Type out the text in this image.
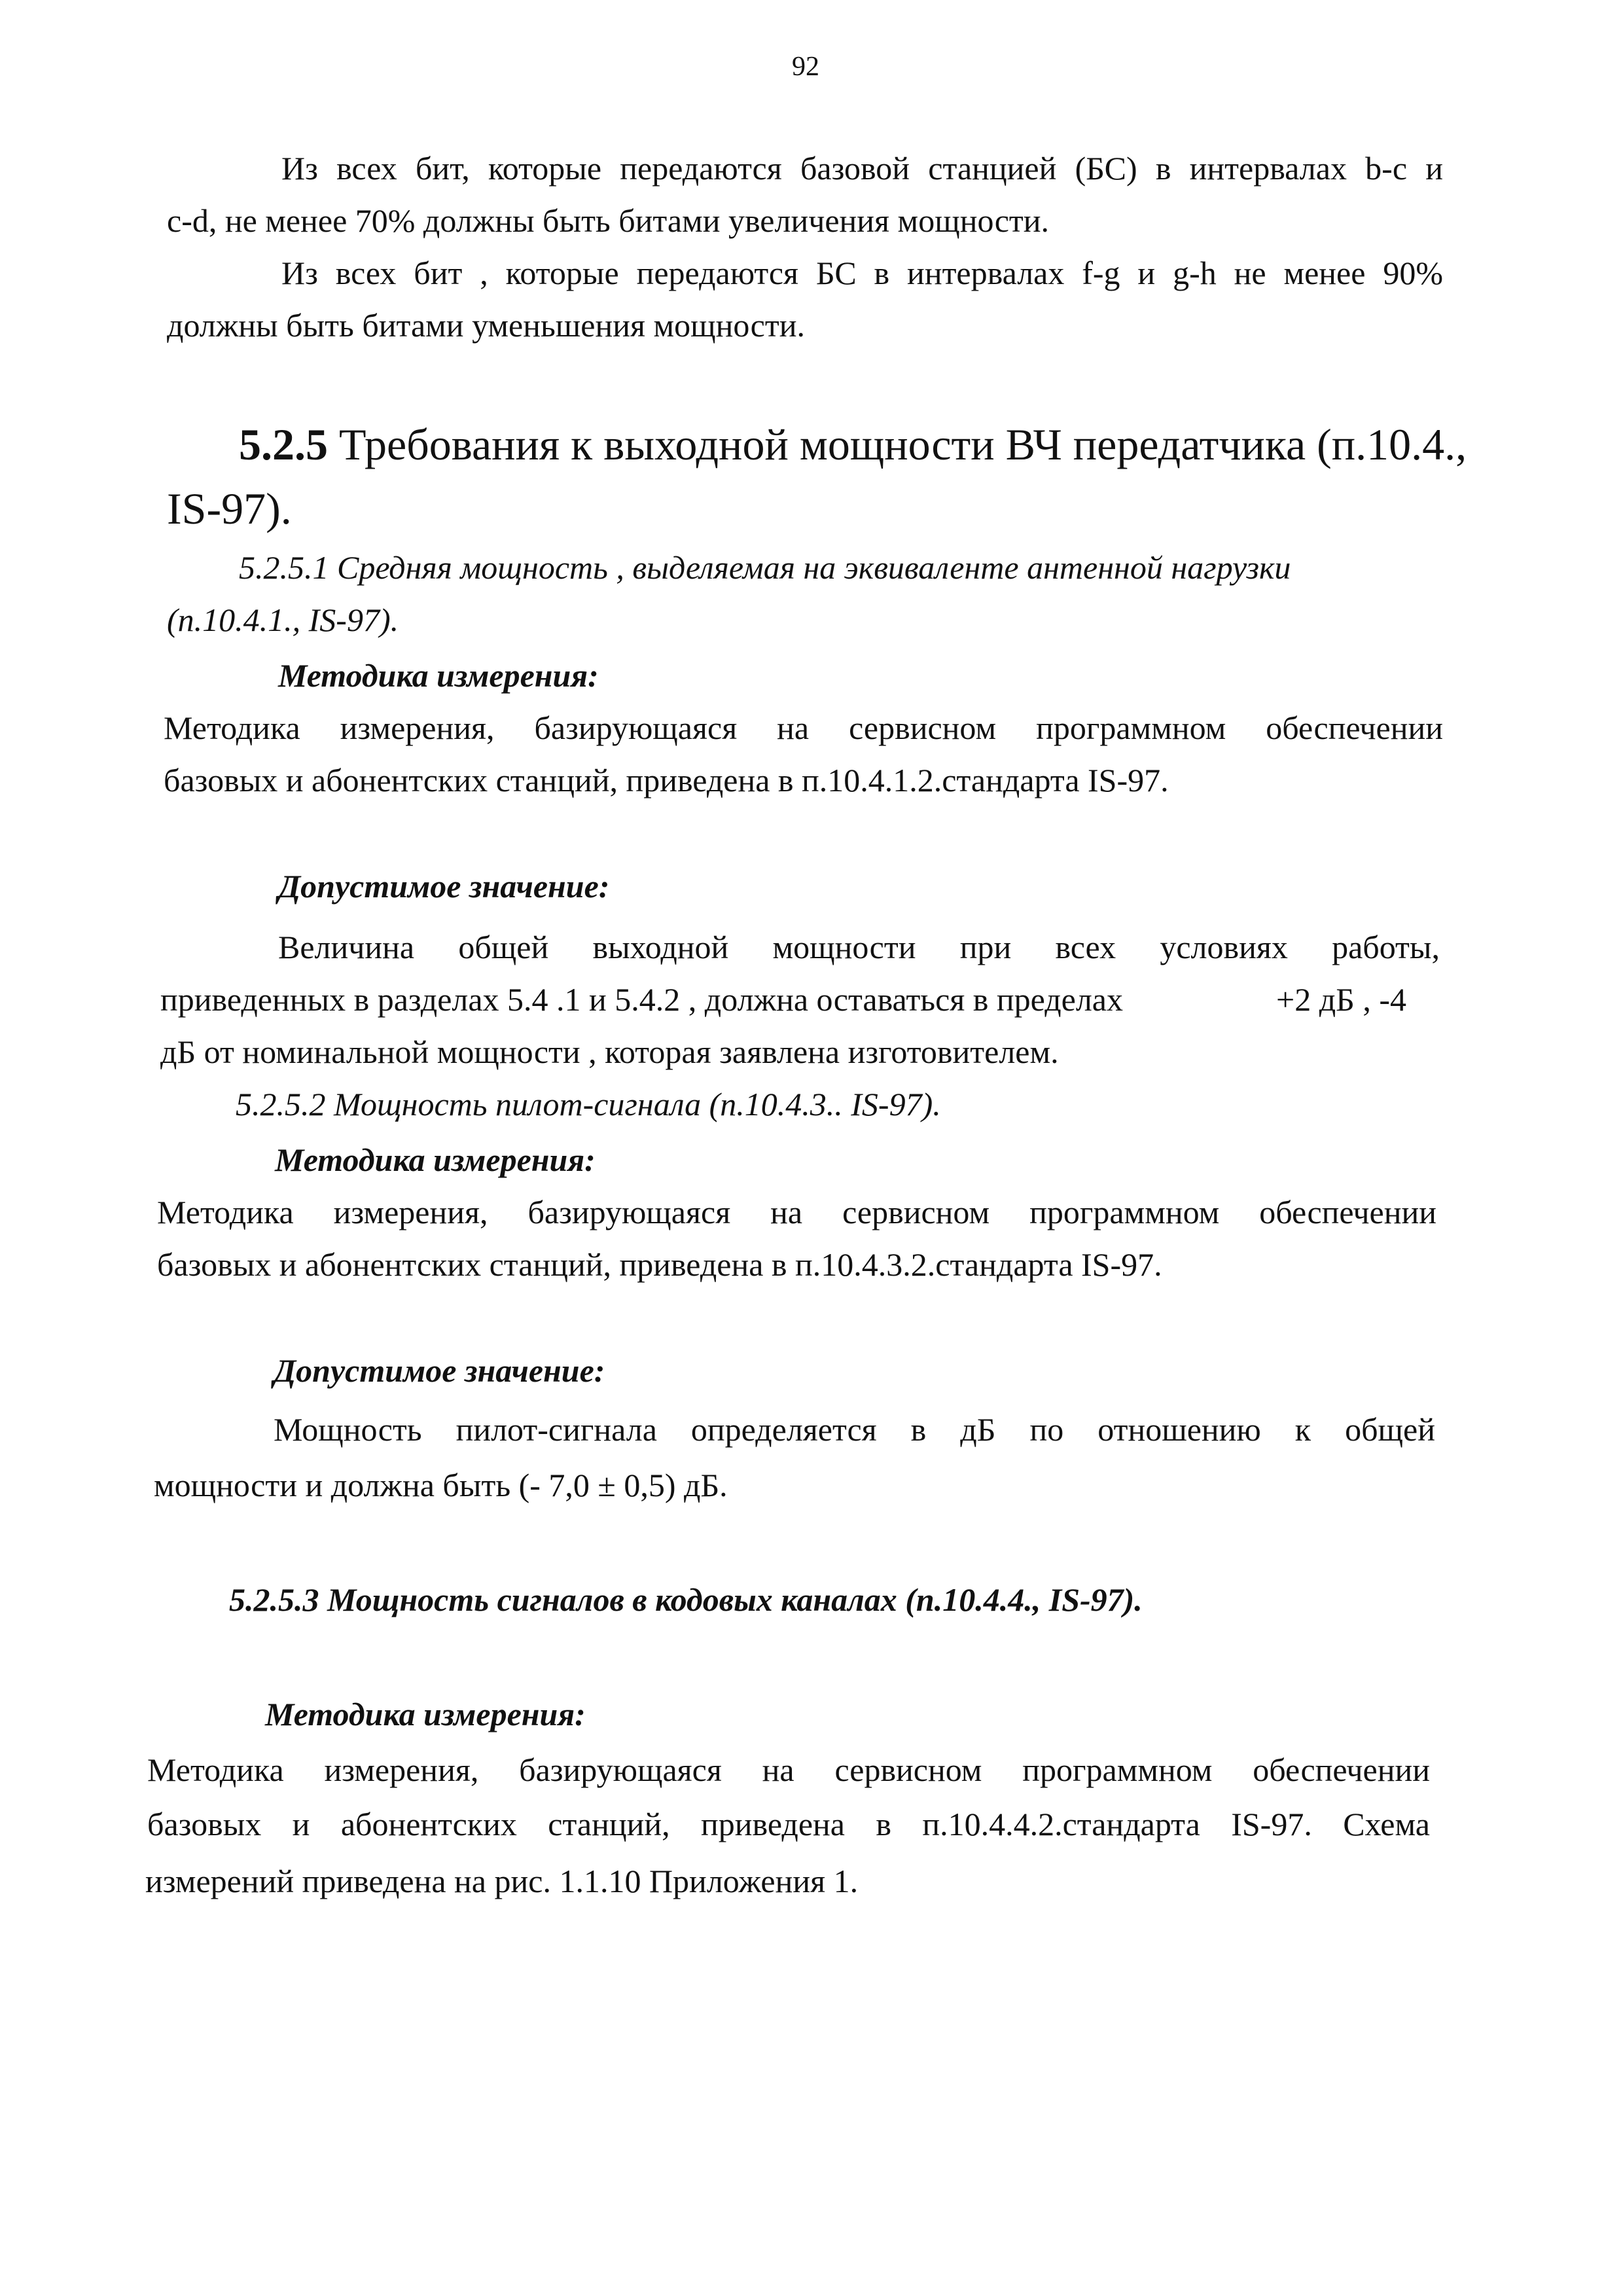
92
Из всех бит, которые передаются базовой станцией (БС) в интервалах b-c и
c-d, не менее 70% должны быть битами увеличения мощности.
Из всех бит , которые передаются БС в интервалах f-g и g-h не менее 90%
должны быть битами уменьшения мощности.
5.2.5 Требования к выходной мощности ВЧ передатчика (п.10.4.,
IS-97).
5.2.5.1 Средняя мощность , выделяемая на эквиваленте антенной нагрузки
(п.10.4.1., IS-97).
Методика измерения:
Методика измерения, базирующаяся на сервисном программном обеспечении
базовых и абонентских станций, приведена в п.10.4.1.2.стандарта IS-97.
Допустимое значение:
Величина общей выходной мощности при всех условиях работы,
приведенных в разделах 5.4 .1 и 5.4.2 , должна оставаться в пределах	+2 дБ , -4
дБ от номинальной мощности , которая заявлена изготовителем.
5.2.5.2 Мощность пилот-сигнала (п.10.4.3.. IS-97).
Методика измерения:
Методика измерения, базирующаяся на сервисном программном обеспечении
базовых и абонентских станций, приведена в п.10.4.3.2.стандарта IS-97.
Допустимое значение:
Мощность пилот-сигнала определяется в дБ по отношению к общей
мощности и должна быть (- 7,0 ± 0,5) дБ.
5.2.5.3 Мощность сигналов в кодовых каналах (п.10.4.4., IS-97).
Методика измерения:
Методика измерения, базирующаяся на сервисном программном обеспечении
базовых и абонентских станций, приведена в п.10.4.4.2.стандарта IS-97. Схема
измерений приведена на рис. 1.1.10 Приложения 1.
